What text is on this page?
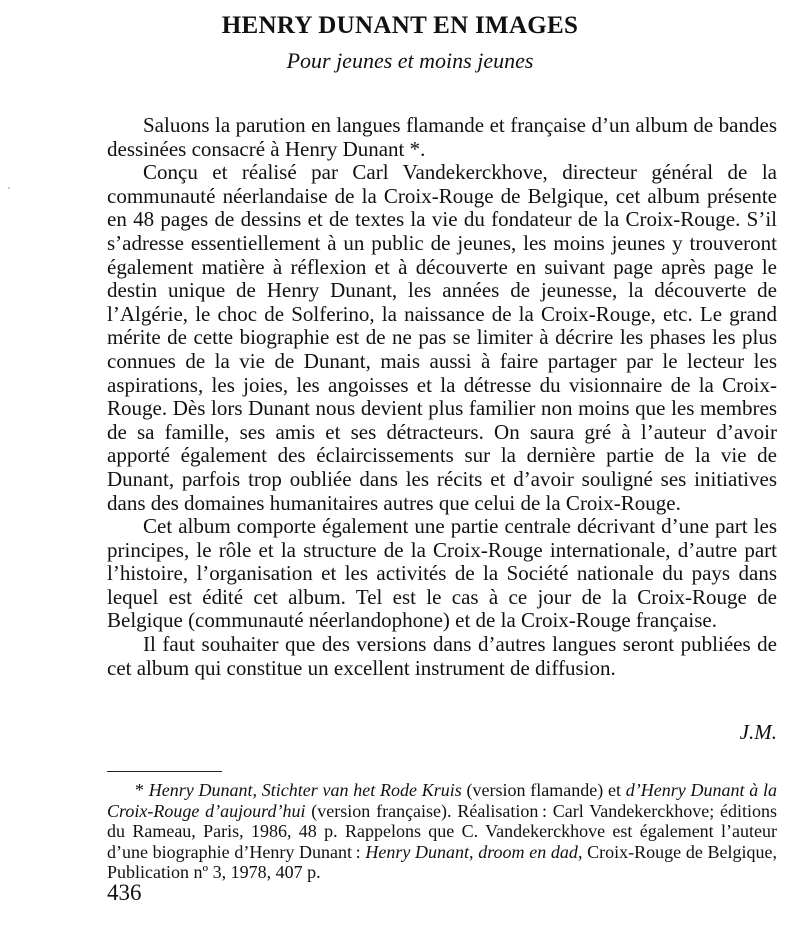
HENRY DUNANT EN IMAGES
Pour jeunes et moins jeunes

Saluons la parution en langues flamande et française d’un album de bandes dessinées consacré à Henry Dunant *.

Conçu et réalisé par Carl Vandekerckhove, directeur général de la communauté néerlandaise de la Croix-Rouge de Belgique, cet album présente en 48 pages de dessins et de textes la vie du fondateur de la Croix-Rouge. S’il s’adresse essentiellement à un public de jeunes, les moins jeunes y trouveront également matière à réflexion et à découverte en suivant page après page le destin unique de Henry Dunant, les années de jeunesse, la découverte de l’Algérie, le choc de Solferino, la naissance de la Croix-Rouge, etc. Le grand mérite de cette biographie est de ne pas se limiter à décrire les phases les plus connues de la vie de Dunant, mais aussi à faire partager par le lecteur les aspirations, les joies, les angoisses et la détresse du visionnaire de la Croix-Rouge. Dès lors Dunant nous devient plus familier non moins que les membres de sa famille, ses amis et ses détracteurs. On saura gré à l’auteur d’avoir apporté également des éclaircissements sur la dernière partie de la vie de Dunant, parfois trop oubliée dans les récits et d’avoir souligné ses initiatives dans des domaines humanitaires autres que celui de la Croix-Rouge.

Cet album comporte également une partie centrale décrivant d’une part les principes, le rôle et la structure de la Croix-Rouge internationale, d’autre part l’histoire, l’organisation et les activités de la Société nationale du pays dans lequel est édité cet album. Tel est le cas à ce jour de la Croix-Rouge de Belgique (communauté néerlandophone) et de la Croix-Rouge française.

Il faut souhaiter que des versions dans d’autres langues seront publiées de cet album qui constitue un excellent instrument de diffusion.

J.M.

* Henry Dunant, Stichter van het Rode Kruis (version flamande) et d’Henry Dunant à la Croix-Rouge d’aujourd’hui (version française). Réalisation : Carl Vandekerckhove; éditions du Rameau, Paris, 1986, 48 p. Rappelons que C. Vandekerckhove est également l’auteur d’une biographie d’Henry Dunant : Henry Dunant, droom en dad, Croix-Rouge de Belgique, Publication nº 3, 1978, 407 p.

436
